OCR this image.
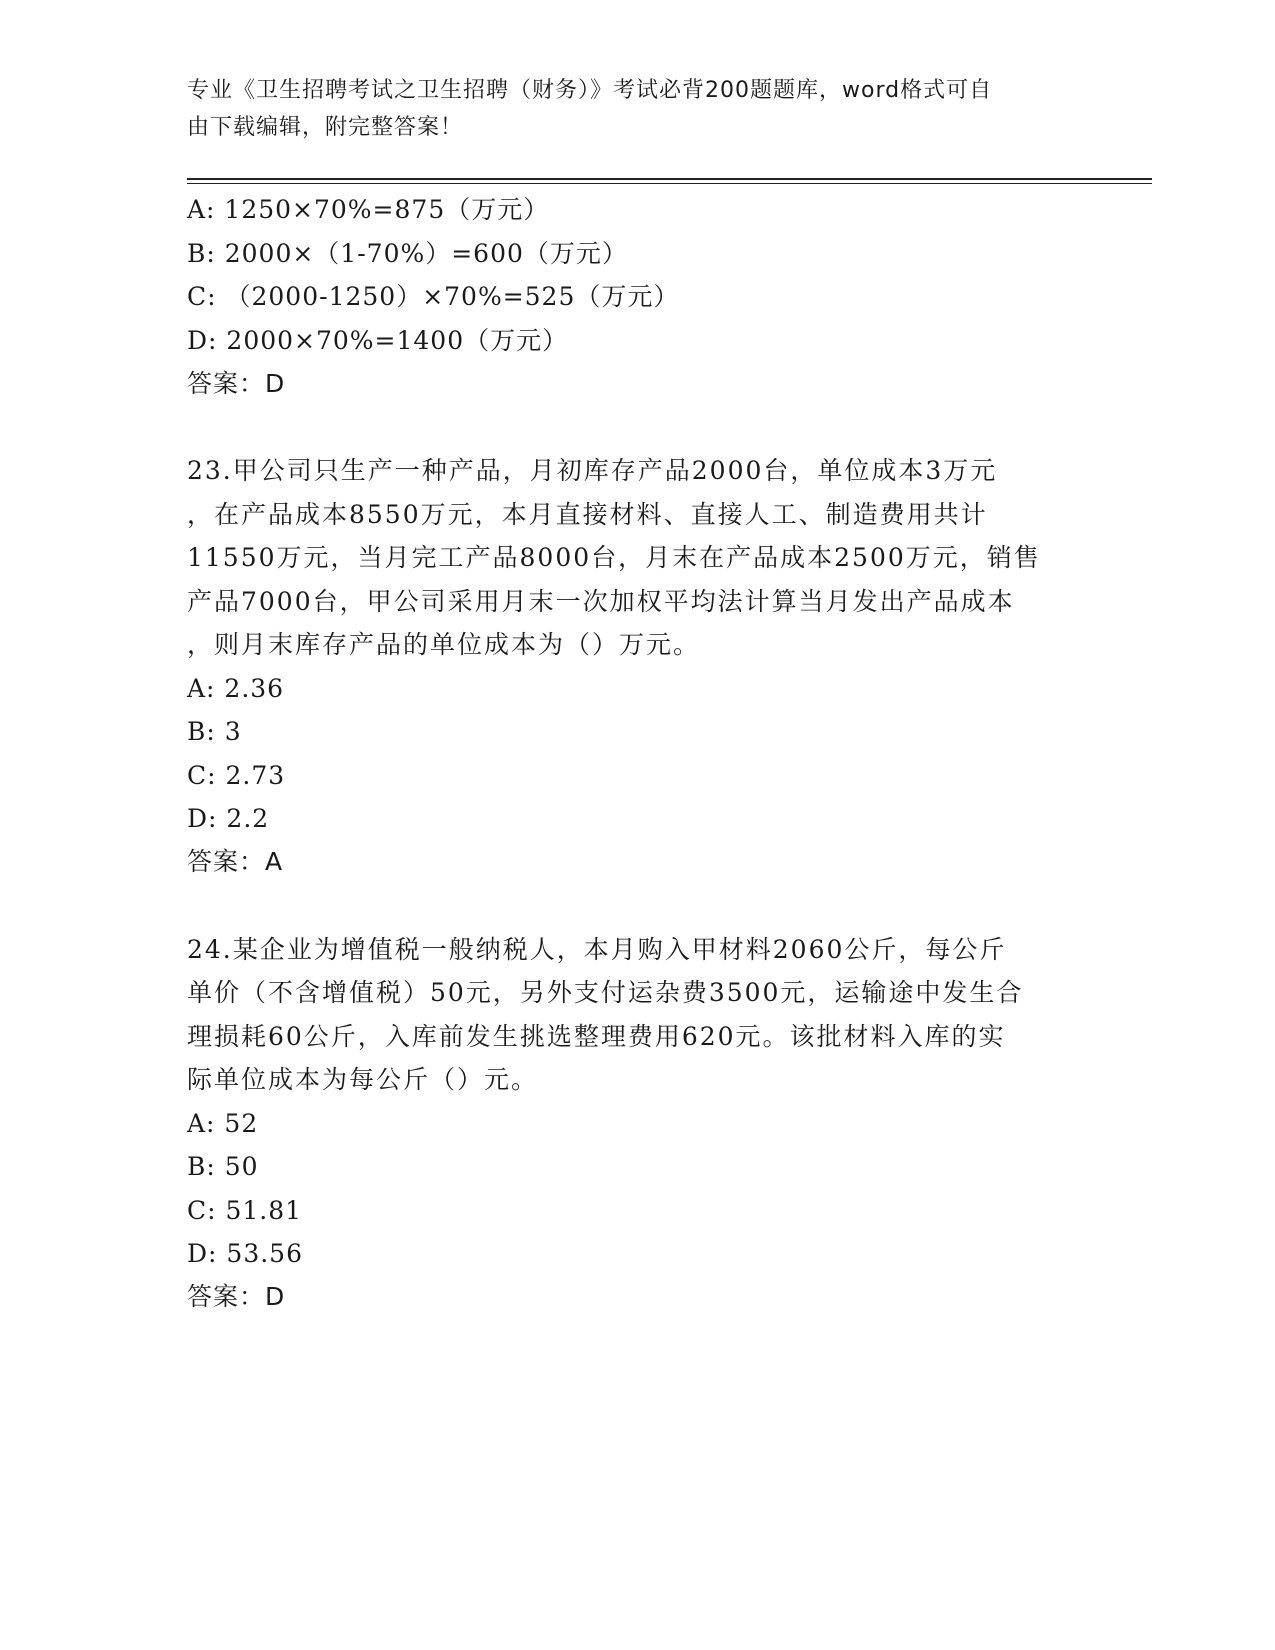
专业《卫生招聘考试之卫生招聘（财务）》考试必背200题题库，word格式可自
由下载编辑，附完整答案！
A: 1250×70%=875（万元）
B: 2000×（1-70%）=600（万元）
C: （2000-1250）×70%=525（万元）
D: 2000×70%=1400（万元）
答案：D
23.甲公司只生产一种产品，月初库存产品2000台，单位成本3万元
，在产品成本8550万元，本月直接材料、直接人工、制造费用共计
11550万元，当月完工产品8000台，月末在产品成本2500万元，销售
产品7000台，甲公司采用月末一次加权平均法计算当月发出产品成本
，则月末库存产品的单位成本为（）万元。
A: 2.36
B: 3
C: 2.73
D: 2.2
答案：A
24.某企业为增值税一般纳税人，本月购入甲材料2060公斤，每公斤
单价（不含增值税）50元，另外支付运杂费3500元，运输途中发生合
理损耗60公斤，入库前发生挑选整理费用620元。该批材料入库的实
际单位成本为每公斤（）元。
A: 52
B: 50
C: 51.81
D: 53.56
答案：D
